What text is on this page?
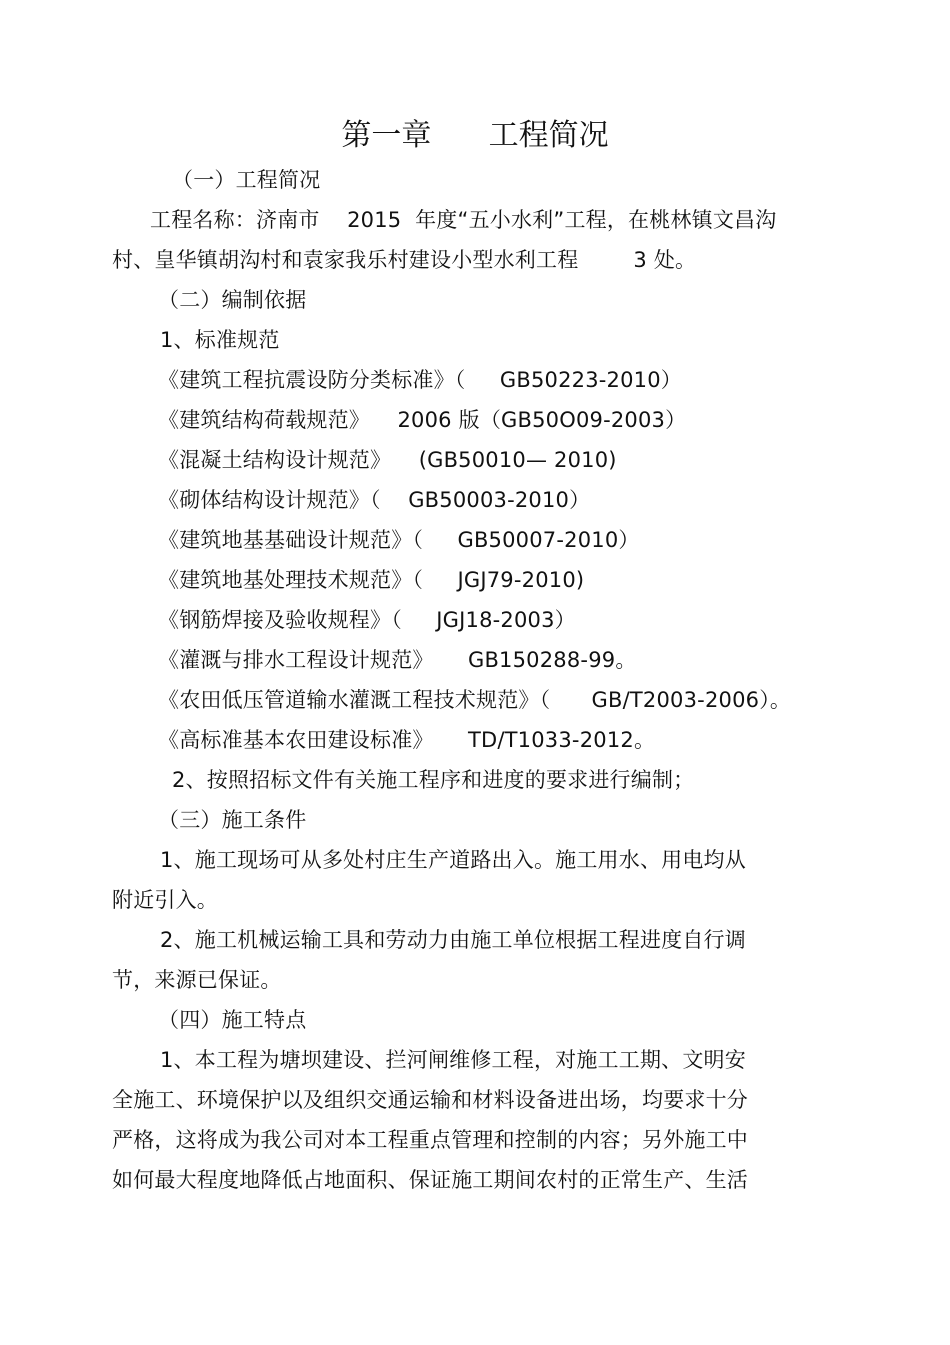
第一章      工程简况
（一）工程简况
工程名称：济南市    2015  年度“五小水利”工程，在桃林镇文昌沟
村、皇华镇胡沟村和袁家我乐村建设小型水利工程        3 处。
（二）编制依据
1、标准规范
《建筑工程抗震设防分类标准》（     GB50223-2010）
《建筑结构荷载规范》    2006 版（GB50O09-2003）
《混凝土结构设计规范》    (GB50010— 2010)
《砌体结构设计规范》（    GB50003-2010）
《建筑地基基础设计规范》（     GB50007-2010）
《建筑地基处理技术规范》（     JGJ79-2010)
《钢筋焊接及验收规程》（     JGJ18-2003）
《灌溉与排水工程设计规范》     GB150288-99。
《农田低压管道输水灌溉工程技术规范》（      GB/T2003-2006）。
《高标准基本农田建设标准》     TD/T1033-2012。
2、按照招标文件有关施工程序和进度的要求进行编制；
（三）施工条件
1、施工现场可从多处村庄生产道路出入。施工用水、用电均从
附近引入。
2、施工机械运输工具和劳动力由施工单位根据工程进度自行调
节，来源已保证。
（四）施工特点
1、本工程为塘坝建设、拦河闸维修工程，对施工工期、文明安
全施工、环境保护以及组织交通运输和材料设备进出场，均要求十分
严格，这将成为我公司对本工程重点管理和控制的内容；另外施工中
如何最大程度地降低占地面积、保证施工期间农村的正常生产、生活
